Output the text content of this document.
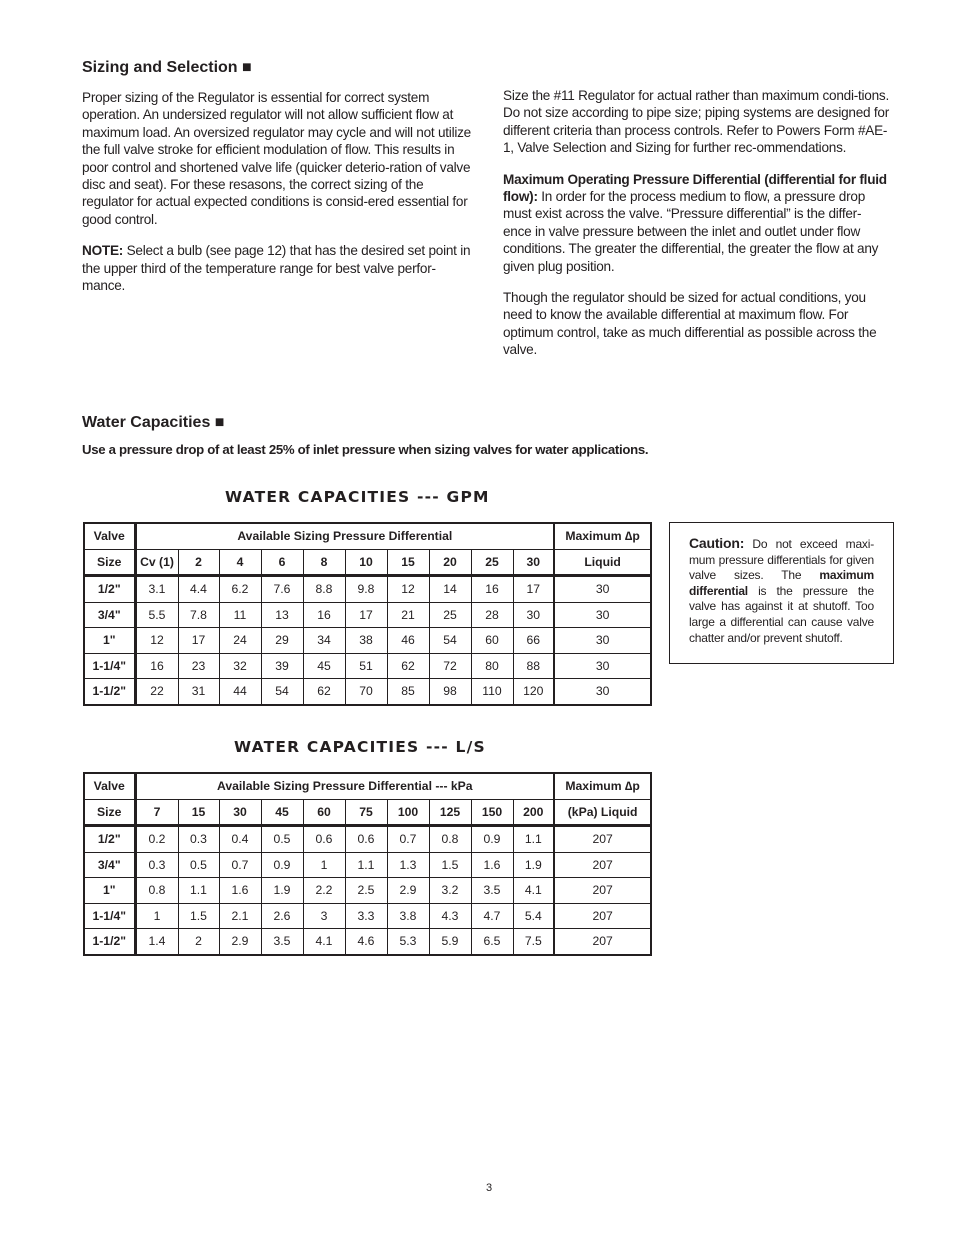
Sizing and Selection ■

Proper sizing of the Regulator is essential for correct system operation. An undersized regulator will not allow sufficient flow at maximum load. An oversized regulator may cycle and will not utilize the full valve stroke for efficient modulation of flow. This results in poor control and shortened valve life (quicker deterio-ration of valve disc and seat). For these resasons, the correct sizing of the regulator for actual expected conditions is consid-ered essential for good control.

NOTE: Select a bulb (see page 12) that has the desired set point in the upper third of the temperature range for best valve perfor-mance.

Size the #11 Regulator for actual rather than maximum condi-tions. Do not size according to pipe size; piping systems are designed for different criteria than process controls. Refer to Powers Form #AE-1, Valve Selection and Sizing for further rec-ommendations.

Maximum Operating Pressure Differential (differential for fluid flow): In order for the process medium to flow, a pressure drop must exist across the valve. “Pressure differential” is the differ-ence in valve pressure between the inlet and outlet under flow conditions. The greater the differential, the greater the flow at any given plug position.

Though the regulator should be sized for actual conditions, you need to know the available differential at maximum flow. For optimum control, take as much differential as possible across the valve.

Water Capacities ■
Use a pressure drop of at least 25% of inlet pressure when sizing valves for water applications.
WATER CAPACITIES --- GPM
Valve	Available Sizing Pressure Differential										Maximum ∆p
Size	Cv (1)	2	4	6	8	10	15	20	25	30	Liquid
1/2"	3.1	4.4	6.2	7.6	8.8	9.8	12	14	16	17	30
3/4"	5.5	7.8	11	13	16	17	21	25	28	30	30
1"	12	17	24	29	34	38	46	54	60	66	30
1-1/4"	16	23	32	39	45	51	62	72	80	88	30
1-1/2"	22	31	44	54	62	70	85	98	110	120	30
Caution: Do not exceed maxi-mum pressure differentials for given valve sizes. The maximum differential is the pressure the valve has against it at shutoff. Too large a differential can cause valve chatter and/or prevent shutoff.
WATER CAPACITIES --- L/S
Valve	Available Sizing Pressure Differential --- kPa										Maximum ∆p
Size	7	15	30	45	60	75	100	125	150	200	(kPa) Liquid
1/2"	0.2	0.3	0.4	0.5	0.6	0.6	0.7	0.8	0.9	1.1	207
3/4"	0.3	0.5	0.7	0.9	1	1.1	1.3	1.5	1.6	1.9	207
1"	0.8	1.1	1.6	1.9	2.2	2.5	2.9	3.2	3.5	4.1	207
1-1/4"	1	1.5	2.1	2.6	3	3.3	3.8	4.3	4.7	5.4	207
1-1/2"	1.4	2	2.9	3.5	4.1	4.6	5.3	5.9	6.5	7.5	207
3
